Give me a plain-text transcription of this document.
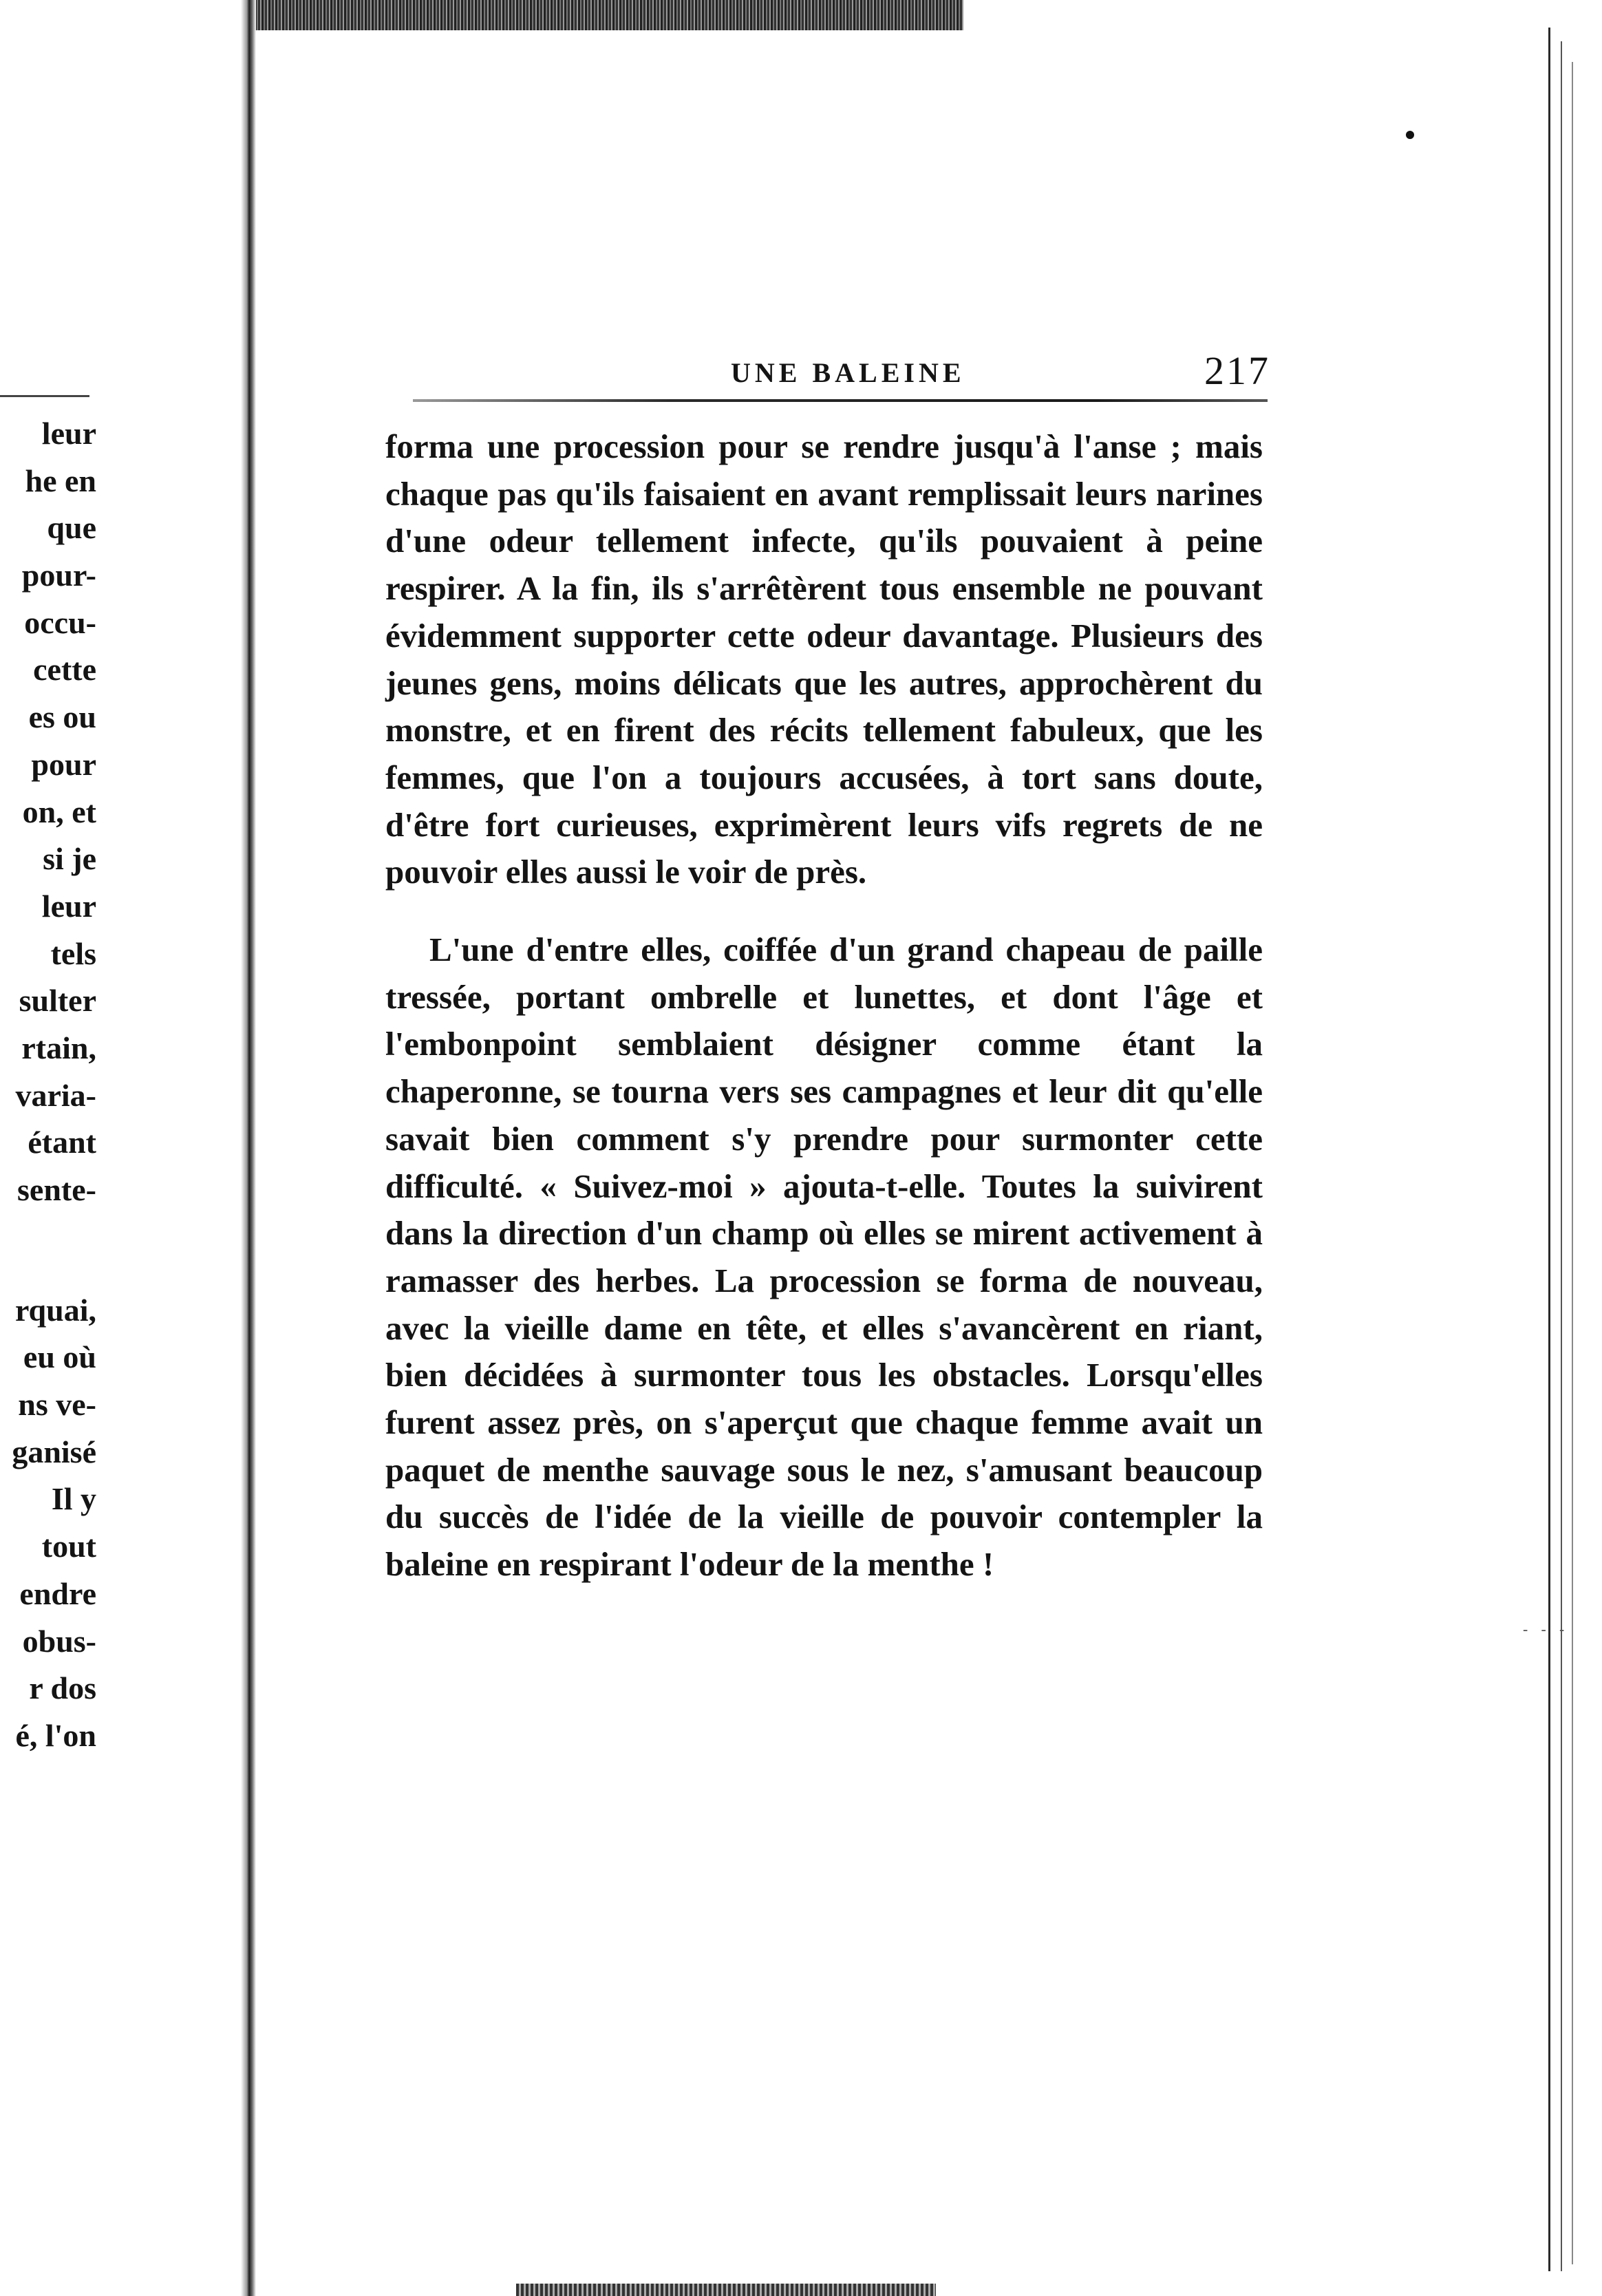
- - -
leur
he en
que
pour-
occu-
cette
es ou
pour
on, et
si je
leur
tels
sulter
rtain,
varia-
étant
sente-
rquai,
eu où
ns ve-
ganisé
Il y
tout
endre
obus-
r dos
é, l'on
UNE BALEINE	217

forma une procession pour se rendre jusqu'à l'anse ; mais chaque pas qu'ils faisaient en avant remplissait leurs narines d'une odeur tellement infecte, qu'ils pouvaient à peine respirer. A la fin, ils s'arrêtèrent tous ensemble ne pouvant évidemment supporter cette odeur davantage. Plusieurs des jeunes gens, moins délicats que les autres, approchèrent du monstre, et en firent des récits tellement fabuleux, que les femmes, que l'on a toujours accusées, à tort sans doute, d'être fort curieuses, exprimèrent leurs vifs regrets de ne pouvoir elles aussi le voir de près.

L'une d'entre elles, coiffée d'un grand chapeau de paille tressée, portant ombrelle et lunettes, et dont l'âge et l'embonpoint semblaient désigner comme étant la chaperonne, se tourna vers ses campagnes et leur dit qu'elle savait bien comment s'y prendre pour surmonter cette difficulté. « Suivez-moi » ajouta-t-elle. Toutes la suivirent dans la direction d'un champ où elles se mirent activement à ramasser des herbes. La procession se forma de nouveau, avec la vieille dame en tête, et elles s'avancèrent en riant, bien décidées à surmonter tous les obstacles. Lorsqu'elles furent assez près, on s'aperçut que chaque femme avait un paquet de menthe sauvage sous le nez, s'amusant beaucoup du succès de l'idée de la vieille de pouvoir contempler la baleine en respirant l'odeur de la menthe !
